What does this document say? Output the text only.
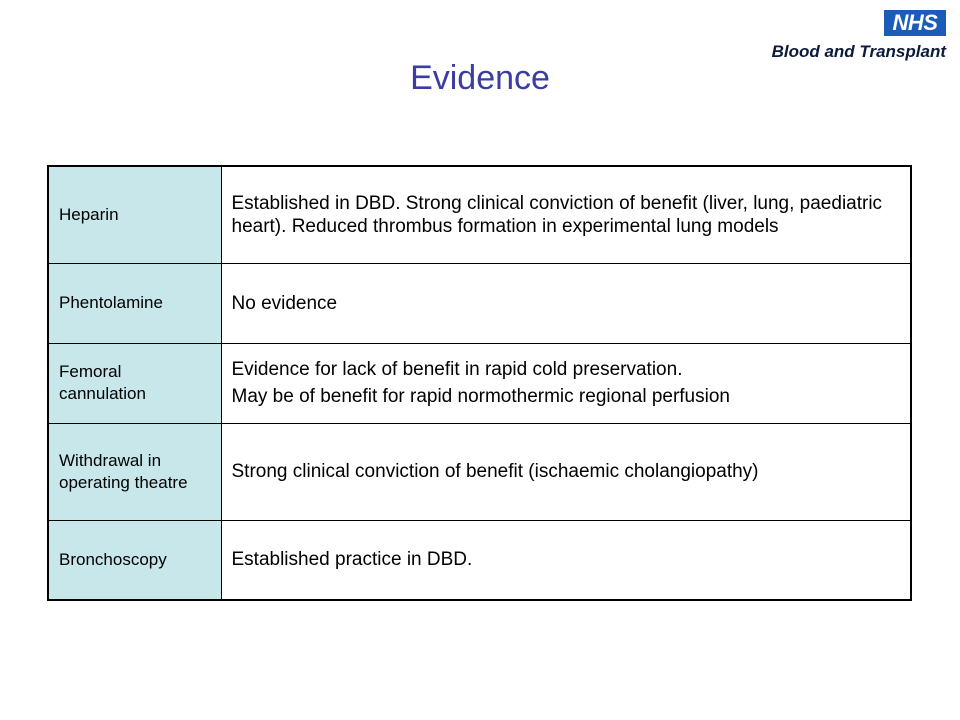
NHS
Blood and Transplant
Evidence
Heparin	Established in DBD. Strong clinical conviction of benefit (liver, lung, paediatric heart). Reduced thrombus formation in experimental lung models

Phentolamine	No evidence

Femoral cannulation	Evidence for lack of benefit in rapid cold preservation.
May be of benefit for rapid normothermic regional perfusion

Withdrawal in operating theatre	Strong clinical conviction of benefit (ischaemic cholangiopathy)

Bronchoscopy	Established practice in DBD.
